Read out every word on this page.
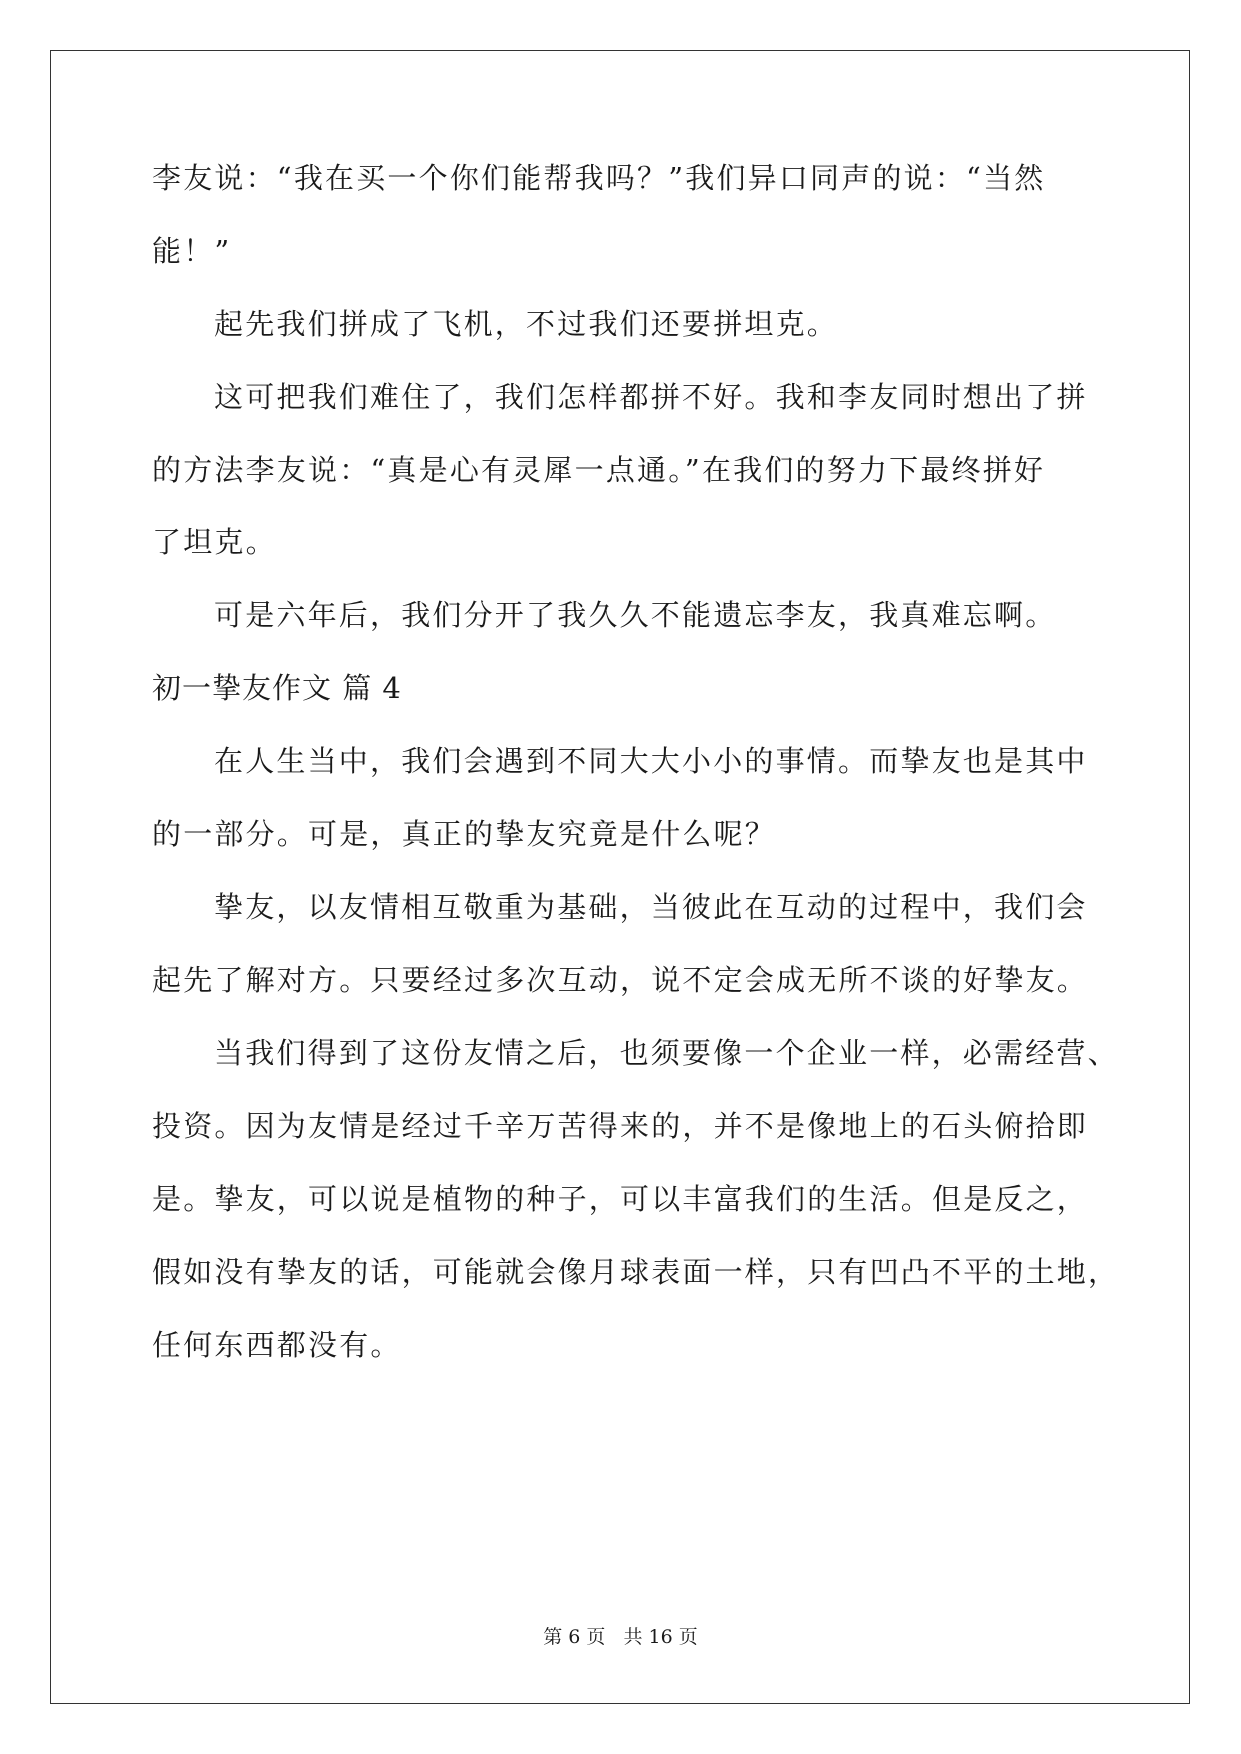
李友说：“我在买一个你们能帮我吗？”我们异口同声的说：“当然
能！”
起先我们拼成了飞机，不过我们还要拼坦克。
这可把我们难住了，我们怎样都拼不好。我和李友同时想出了拼
的方法李友说：“真是心有灵犀一点通。”在我们的努力下最终拼好
了坦克。
可是六年后，我们分开了我久久不能遗忘李友，我真难忘啊。
初一挚友作文 篇 4
在人生当中，我们会遇到不同大大小小的事情。而挚友也是其中
的一部分。可是，真正的挚友究竟是什么呢？
挚友，以友情相互敬重为基础，当彼此在互动的过程中，我们会
起先了解对方。只要经过多次互动，说不定会成无所不谈的好挚友。
当我们得到了这份友情之后，也须要像一个企业一样，必需经营、
投资。因为友情是经过千辛万苦得来的，并不是像地上的石头俯拾即
是。挚友，可以说是植物的种子，可以丰富我们的生活。但是反之，
假如没有挚友的话，可能就会像月球表面一样，只有凹凸不平的土地，
任何东西都没有。
第 6 页 共 16 页
